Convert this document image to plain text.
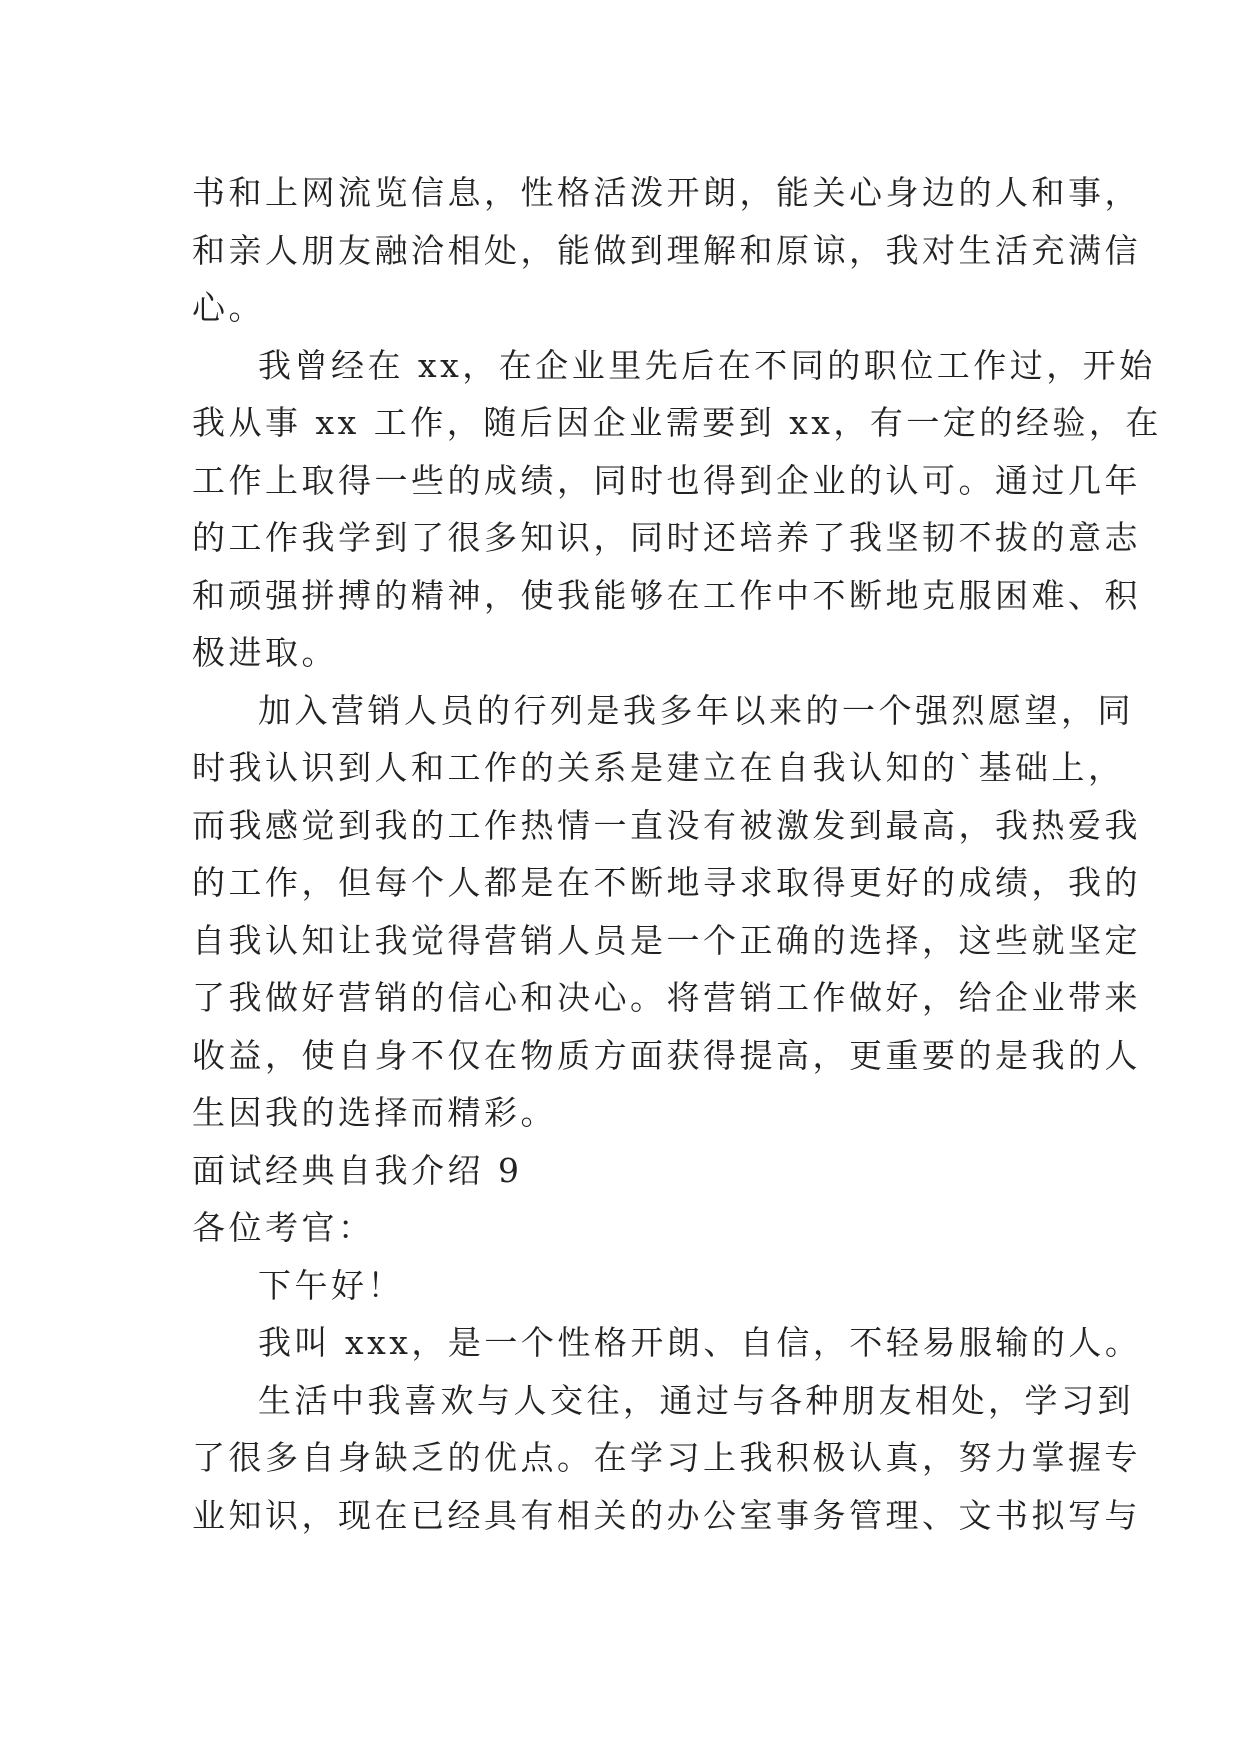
书和上网流览信息，性格活泼开朗，能关心身边的人和事，
和亲人朋友融洽相处，能做到理解和原谅，我对生活充满信
心。
我曾经在 xx，在企业里先后在不同的职位工作过，开始
我从事 xx 工作，随后因企业需要到 xx，有一定的经验，在
工作上取得一些的成绩，同时也得到企业的认可。通过几年
的工作我学到了很多知识，同时还培养了我坚韧不拔的意志
和顽强拼搏的精神，使我能够在工作中不断地克服困难、积
极进取。
加入营销人员的行列是我多年以来的一个强烈愿望，同
时我认识到人和工作的关系是建立在自我认知的`基础上，
而我感觉到我的工作热情一直没有被激发到最高，我热爱我
的工作，但每个人都是在不断地寻求取得更好的成绩，我的
自我认知让我觉得营销人员是一个正确的选择，这些就坚定
了我做好营销的信心和决心。将营销工作做好，给企业带来
收益，使自身不仅在物质方面获得提高，更重要的是我的人
生因我的选择而精彩。
面试经典自我介绍 9
各位考官：
下午好！
我叫 xxx，是一个性格开朗、自信，不轻易服输的人。
生活中我喜欢与人交往，通过与各种朋友相处，学习到
了很多自身缺乏的优点。在学习上我积极认真，努力掌握专
业知识，现在已经具有相关的办公室事务管理、文书拟写与
